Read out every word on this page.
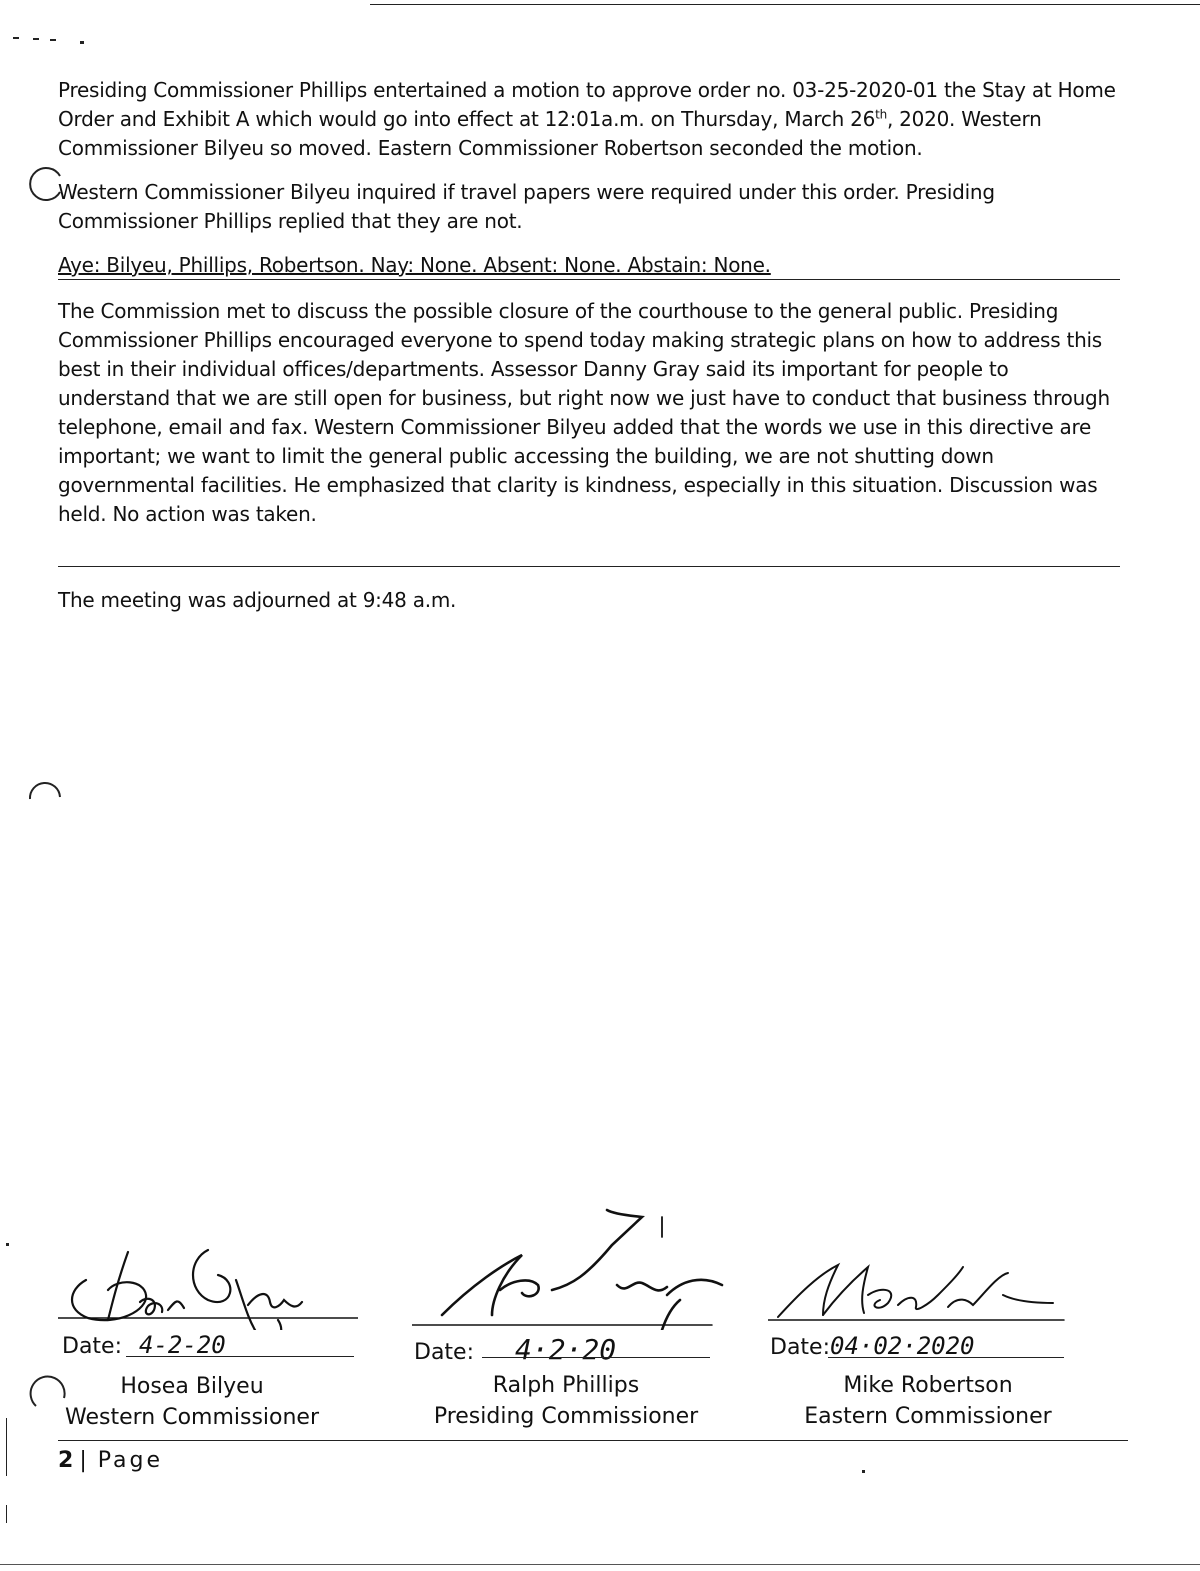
Presiding Commissioner Phillips entertained a motion to approve order no. 03-25-2020-01 the Stay at Home Order and Exhibit A which would go into effect at 12:01a.m. on Thursday, March 26th, 2020. Western Commissioner Bilyeu so moved. Eastern Commissioner Robertson seconded the motion.

Western Commissioner Bilyeu inquired if travel papers were required under this order. Presiding Commissioner Phillips replied that they are not.

Aye: Bilyeu, Phillips, Robertson. Nay: None. Absent: None. Abstain: None.

The Commission met to discuss the possible closure of the courthouse to the general public. Presiding Commissioner Phillips encouraged everyone to spend today making strategic plans on how to address this best in their individual offices/departments. Assessor Danny Gray said its important for people to understand that we are still open for business, but right now we just have to conduct that business through telephone, email and fax. Western Commissioner Bilyeu added that the words we use in this directive are important; we want to limit the general public accessing the building, we are not shutting down governmental facilities. He emphasized that clarity is kindness, especially in this situation. Discussion was held. No action was taken.

The meeting was adjourned at 9:48 a.m.
Date: 4-2-20
Hosea Bilyeu
Western Commissioner
Date: 4·2·20
Ralph Phillips
Presiding Commissioner
Date:04·02·2020
Mike Robertson
Eastern Commissioner
2 | Page
